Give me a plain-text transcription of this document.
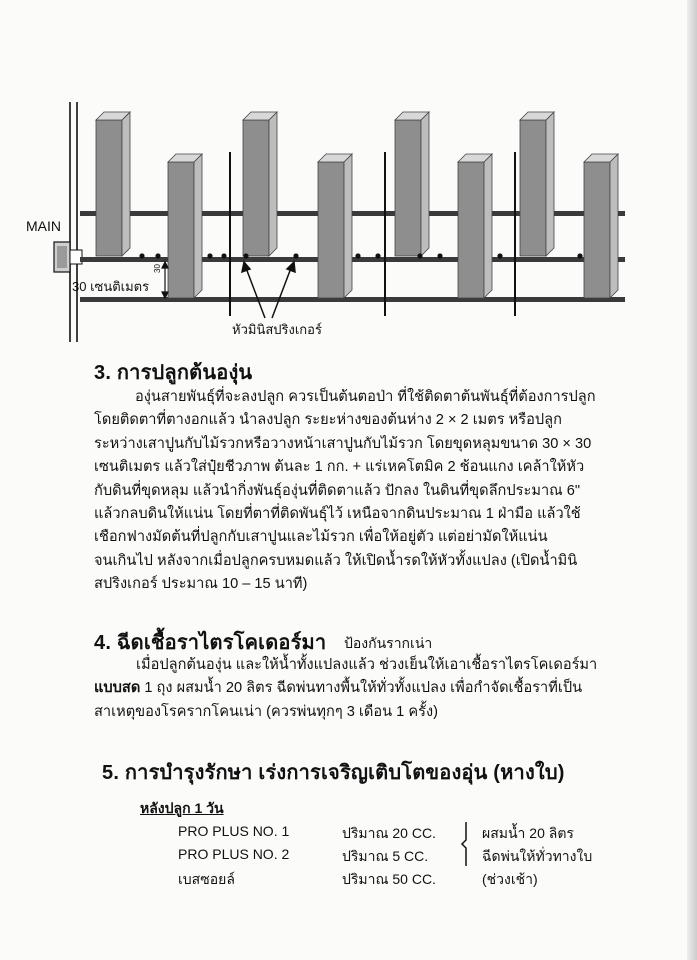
MAIN
30
30 เซนติเมตร
หัวมินิสปริงเกอร์
3. การปลูกต้นองุ่น
องุ่นสายพันธุ์ที่จะลงปลูก ควรเป็นต้นตอป่า ที่ใช้ติดตาต้นพันธุ์ที่ต้องการปลูก
โดยติดตาที่ตางอกแล้ว นำลงปลูก ระยะห่างของต้นห่าง 2 × 2 เมตร หรือปลูก
ระหว่างเสาปูนกับไม้รวกหรือวางหน้าเสาปูนกับไม้รวก โดยขุดหลุมขนาด 30 × 30
เซนติเมตร แล้วใส่ปุ๋ยชีวภาพ ต้นละ 1 กก. + แร่เหคโตมิค 2 ช้อนแกง เคล้าให้หัว
กับดินที่ขุดหลุม แล้วนำกิ่งพันธุ์องุ่นที่ติดตาแล้ว ปักลง ในดินที่ขุดลึกประมาณ 6"
แล้วกลบดินให้แน่น โดยที่ตาที่ติดพันธุ์ไว้ เหนือจากดินประมาณ 1 ฝ่ามือ แล้วใช้
เชือกฟางมัดต้นที่ปลูกกับเสาปูนและไม้รวก เพื่อให้อยู่ตัว แต่อย่ามัดให้แน่น
จนเกินไป หลังจากเมื่อปลูกครบหมดแล้ว ให้เปิดน้ำรดให้หัวทั้งแปลง (เปิดน้ำมินิ
สปริงเกอร์ ประมาณ 10 – 15 นาที)
4. ฉีดเชื้อราไตรโคเดอร์มา ป้องกันรากเน่า
เมื่อปลูกต้นองุ่น และให้น้ำทั้งแปลงแล้ว ช่วงเย็นให้เอาเชื้อราไตรโคเดอร์มา
แบบสด 1 ถุง ผสมน้ำ 20 ลิตร ฉีดพ่นทางพื้นให้ทั่วทั้งแปลง เพื่อกำจัดเชื้อราที่เป็น
สาเหตุของโรครากโคนเน่า (ควรพ่นทุกๆ 3 เดือน 1 ครั้ง)
5. การบำรุงรักษา เร่งการเจริญเติบโตของอุ่น (หางใบ)
หลังปลูก 1 วัน
PRO PLUS NO. 1
PRO PLUS NO. 2
เบสซอยล์
ปริมาณ 20 CC.
ปริมาณ 5 CC.
ปริมาณ 50 CC.
ผสมน้ำ 20 ลิตร
ฉีดพ่นให้ทั่วทางใบ
(ช่วงเช้า)
